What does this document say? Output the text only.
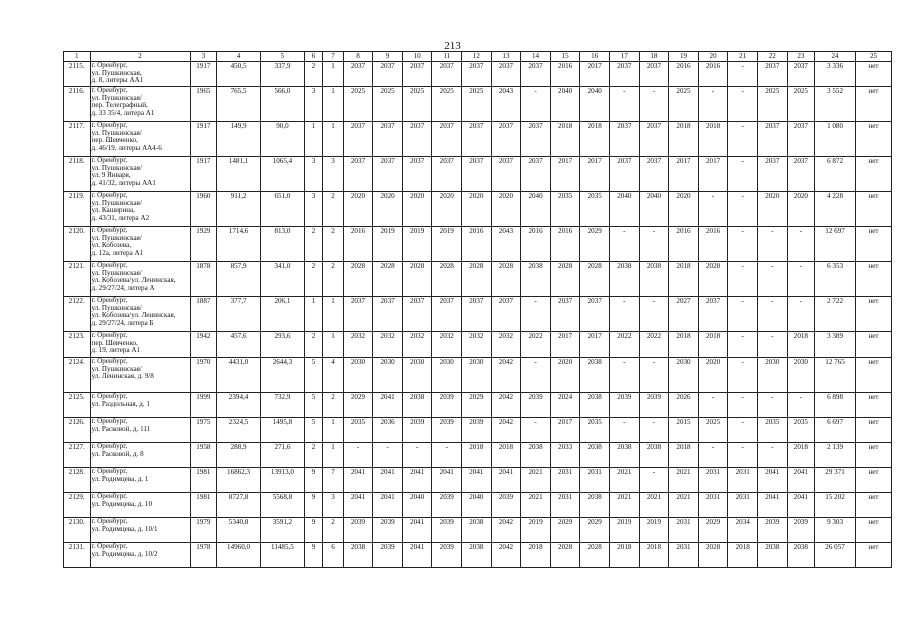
213
1	2	3	4	5	6	7	8	9	10	11	12	13	14	15	16	17	18	19	20	21	22	23	24	25
2115.	г. Оренбург,
ул. Пушкинская,
д. 8, литеры АА1	1917	450,5	337,9	2	1	2037	2037	2037	2037	2037	2037	2037	2016	2017	2037	2037	2016	2016	-	2037	2037	3 336	нет
2116.	г. Оренбург,
ул. Пушкинская/
пер. Телеграфный,
д. 33 35/4, литера А1	1965	765,5	566,0	3	1	2025	2025	2025	2025	2025	2043	-	2040	2040	-	-	2025	-	-	2025	2025	3 552	нет
2117.	г. Оренбург,
ул. Пушкинская/
пер. Шевченко,
д. 46/19, литеры АА4-6	1917	149,9	90,0	1	1	2037	2037	2037	2037	2037	2037	2037	2018	2018	2037	2037	2018	2018	-	2037	2037	1 080	нет
2118.	г. Оренбург,
ул. Пушкинская/
ул. 9 Января,
д. 41/32, литеры АА1	1917	1481,1	1065,4	3	3	2037	2037	2037	2037	2037	2037	2037	2017	2017	2037	2037	2017	2017	-	2037	2037	6 872	нет
2119.	г. Оренбург,
ул. Пушкинская/
ул. Каширина,
д. 43/31, литера А2	1960	911,2	651,0	3	2	2020	2020	2020	2020	2020	2020	2040	2035	2035	2040	2040	2020	-	-	2020	2020	4 228	нет
2120.	г. Оренбург,
ул. Пушкинская/
ул. Кобозева,
д. 12а, литера А1	1929	1714,6	813,0	2	2	2016	2019	2019	2019	2016	2043	2016	2016	2029	-	-	2016	2016	-	-	-	12 697	нет
2121.	г. Оренбург,
ул. Пушкинская/
ул. Кобозева/ул. Ленинская,
д. 29/27/24, литера А	1878	857,9	341,0	2	2	2028	2028	2028	2028	2028	2028	2038	2028	2028	2038	2038	2018	2028	-	-	-	6 353	нет
2122.	г. Оренбург,
ул. Пушкинская/
ул. Кобозева/ул. Ленинская,
д. 29/27/24, литера Б	1887	377,7	206,1	1	1	2037	2037	2037	2037	2037	2037	-	2037	2037	-	-	2027	2037	-	-	-	2 722	нет
2123.	г. Оренбург,
пер. Шевченко,
д. 19, литера А1	1942	457,6	293,6	2	1	2032	2032	2032	2032	2032	2032	2022	2017	2017	2022	2022	2018	2018	-	-	2018	3 389	нет
2124.	г. Оренбург,
ул. Пушкинская/
ул. Ленинская, д. 9/8	1970	4431,0	2644,3	5	4	2030	2030	2030	2030	2030	2042	-	2020	2038	-	-	2030	2020	-	2030	2030	12 765	нет
2125.	г. Оренбург,
ул. Раздольная, д. 1	1999	2394,4	732,9	5	2	2029	2041	2038	2039	2029	2042	2039	2024	2038	2039	2039	2026	-	-	-	-	6 898	нет
2126.	г. Оренбург,
ул. Расковой, д. 111	1975	2324,5	1495,8	5	1	2035	2036	2039	2039	2039	2042	-	2017	2035	-	-	2015	2025	-	2035	2035	6 697	нет
2127.	г. Оренбург,
ул. Расковой, д. 8	1958	288,9	271,6	2	1	-	-	-	-	2018	2018	2038	2033	2038	2038	2038	2018	-	-	-	2018	2 139	нет
2128.	г. Оренбург,
ул. Родимцева, д. 1	1981	16862,3	13913,0	9	7	2041	2041	2041	2041	2041	2041	2021	2031	2031	2021	-	2021	2031	2031	2041	2041	29 371	нет
2129.	г. Оренбург,
ул. Родимцева, д. 10	1981	8727,8	5568,8	9	3	2041	2041	2040	2039	2040	2039	2021	2031	2038	2021	2021	2021	2031	2031	2041	2041	15 202	нет
2130.	г. Оренбург,
ул. Родимцева, д. 10/1	1979	5340,8	3591,2	9	2	2039	2039	2041	2039	2038	2042	2019	2029	2029	2019	2019	2031	2029	2034	2039	2039	9 303	нет
2131.	г. Оренбург,
ул. Родимцева, д. 10/2	1978	14960,0	11485,5	9	6	2038	2039	2041	2039	2038	2042	2018	2028	2028	2018	2018	2031	2028	2018	2038	2038	26 057	нет
